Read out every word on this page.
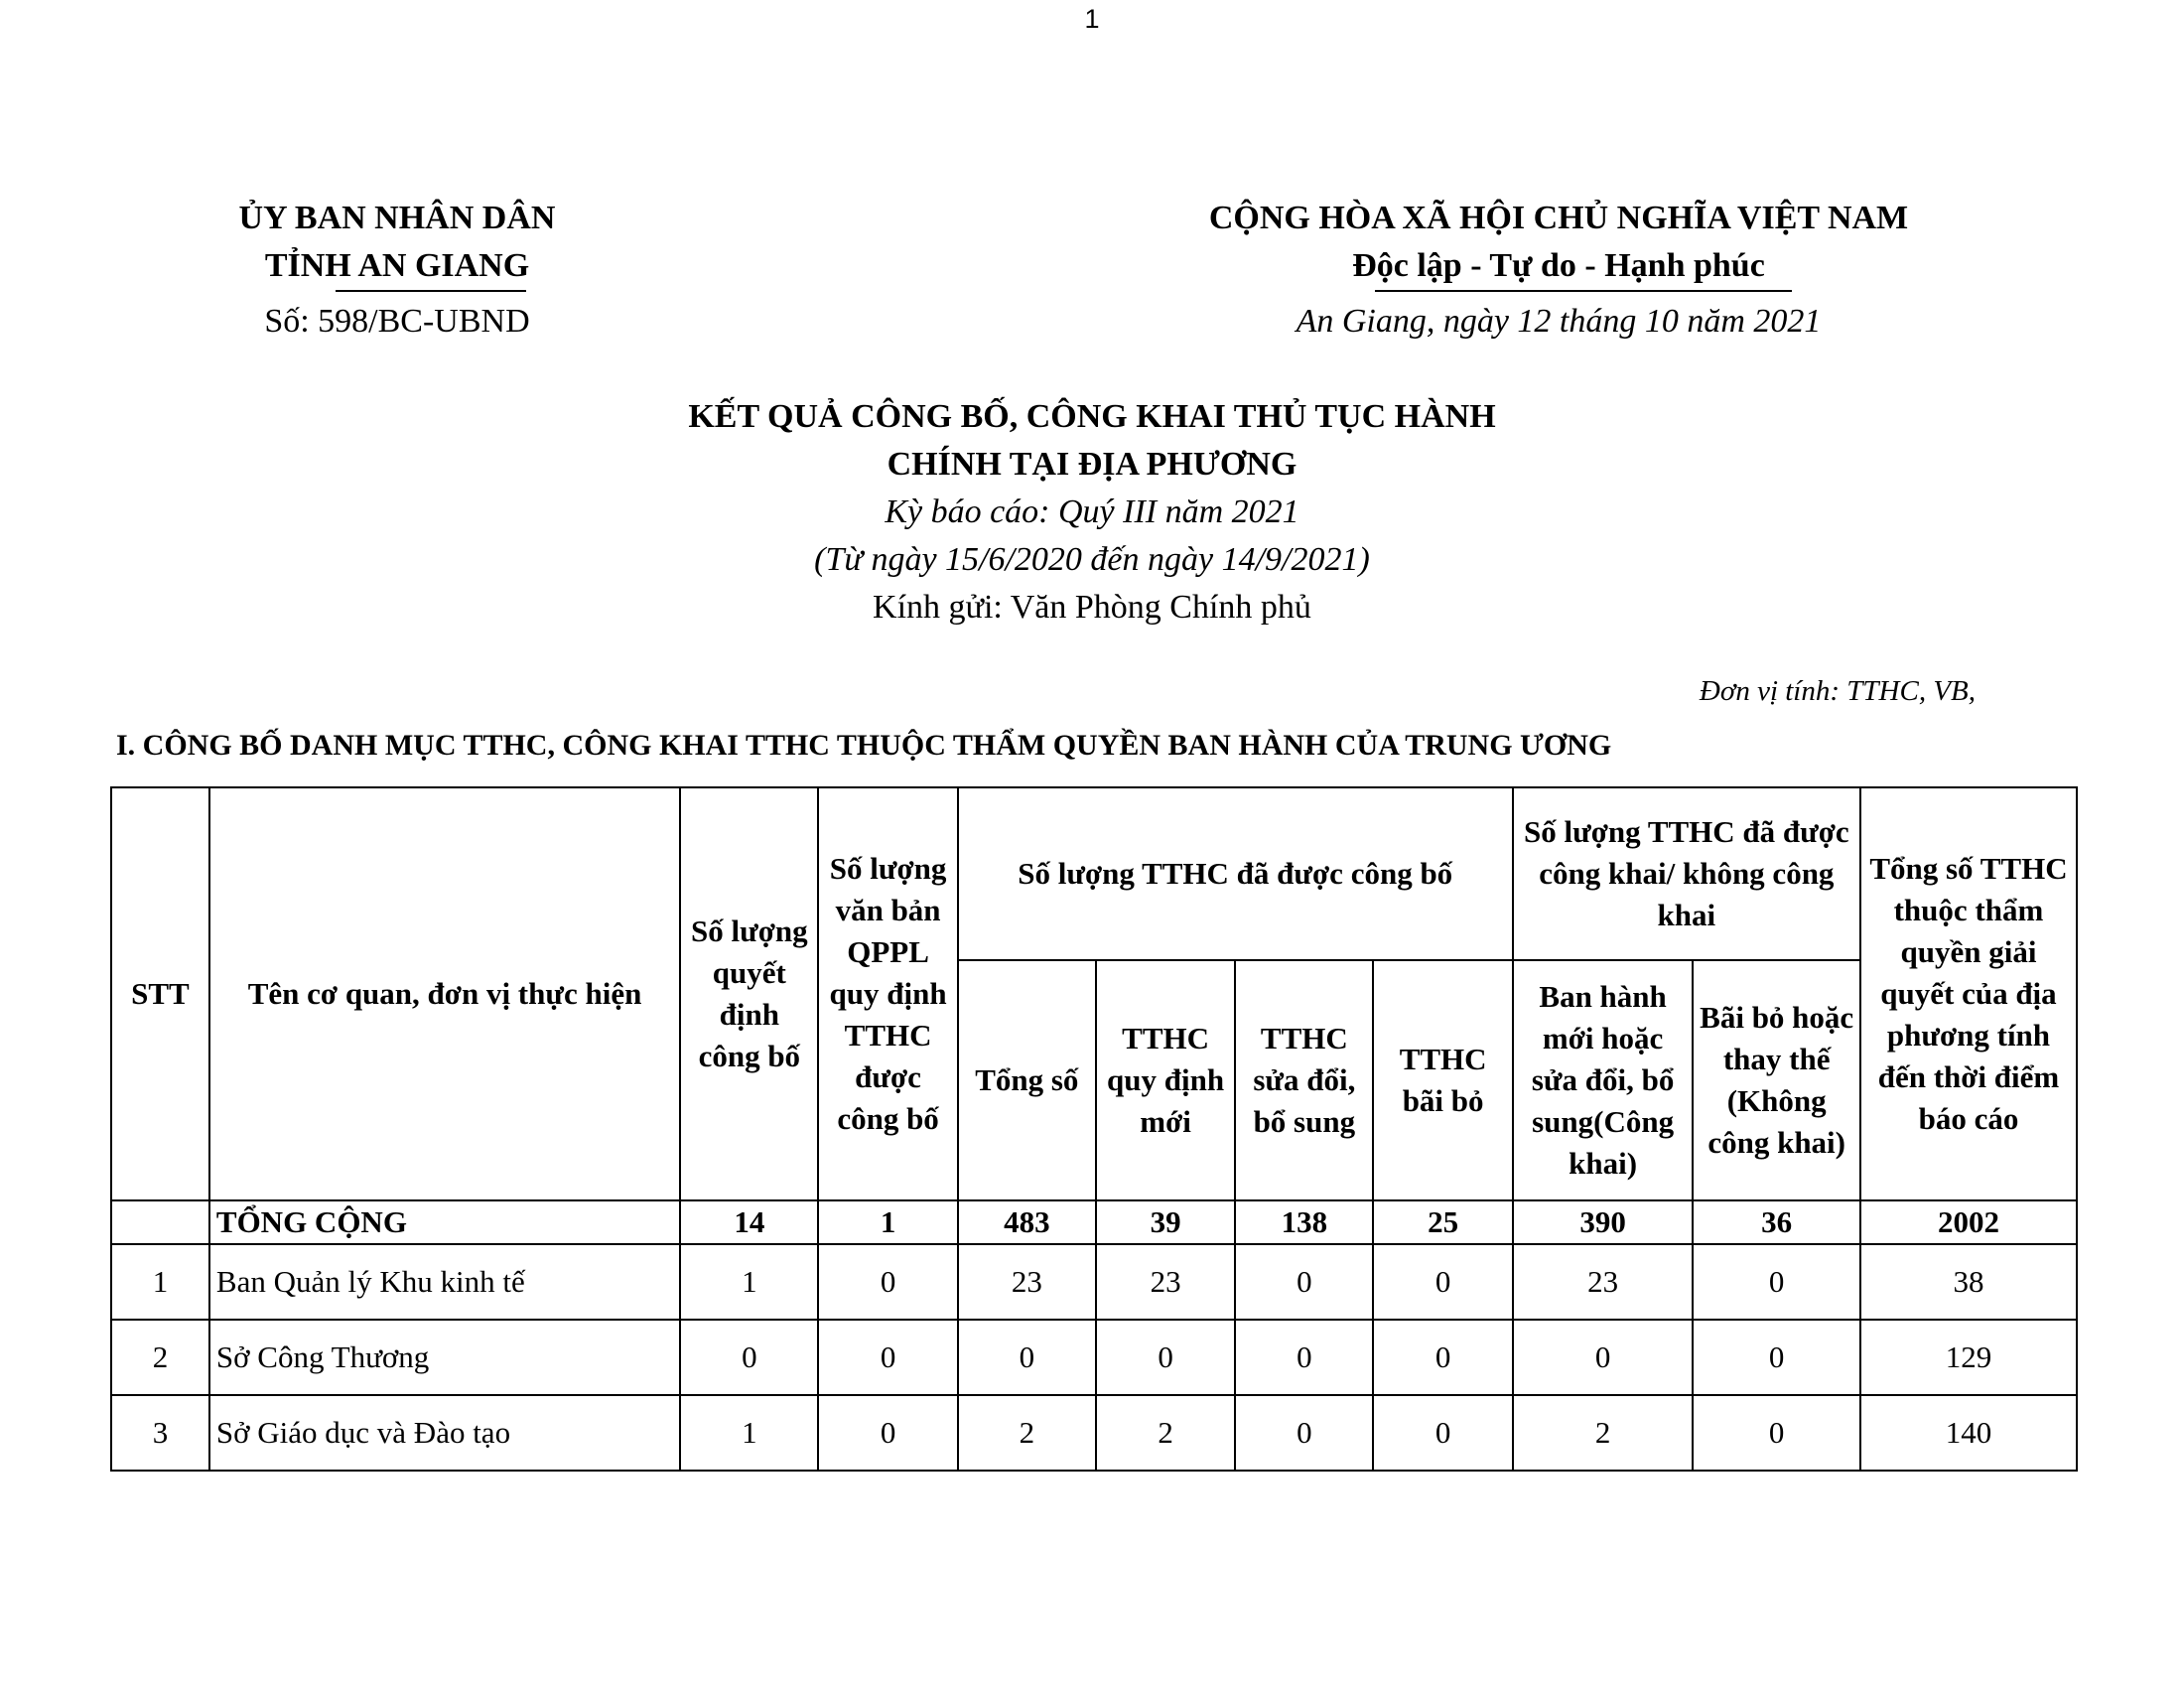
1
ỦY BAN NHÂN DÂN
TỈNH AN GIANG
Số: 598/BC-UBND
CỘNG HÒA XÃ HỘI CHỦ NGHĨA VIỆT NAM
Độc lập - Tự do - Hạnh phúc
An Giang, ngày 12 tháng 10 năm 2021
KẾT QUẢ CÔNG BỐ, CÔNG KHAI THỦ TỤC HÀNH
CHÍNH TẠI ĐỊA PHƯƠNG
Kỳ báo cáo: Quý III năm 2021
(Từ ngày 15/6/2020 đến ngày 14/9/2021)
Kính gửi: Văn Phòng Chính phủ
Đơn vị tính: TTHC, VB,
I. CÔNG BỐ DANH MỤC TTHC, CÔNG KHAI TTHC THUỘC THẨM QUYỀN BAN HÀNH CỦA TRUNG ƯƠNG
STT	Tên cơ quan, đơn vị thực hiện	Số lượng quyết định công bố	Số lượng văn bản QPPL quy định TTHC được công bố	Số lượng TTHC đã được công bố				Số lượng TTHC đã được công khai/ không công khai		Tổng số TTHC thuộc thẩm quyền giải quyết của địa phương tính đến thời điểm báo cáo
				Tổng số	TTHC quy định mới	TTHC sửa đổi, bổ sung	TTHC bãi bỏ	Ban hành mới hoặc sửa đổi, bổ sung(Công khai)	Bãi bỏ hoặc thay thế (Không công khai)	
	TỔNG CỘNG	14	1	483	39	138	25	390	36	2002
1	Ban Quản lý Khu kinh tế	1	0	23	23	0	0	23	0	38
2	Sở Công Thương	0	0	0	0	0	0	0	0	129
3	Sở Giáo dục và Đào tạo	1	0	2	2	0	0	2	0	140
